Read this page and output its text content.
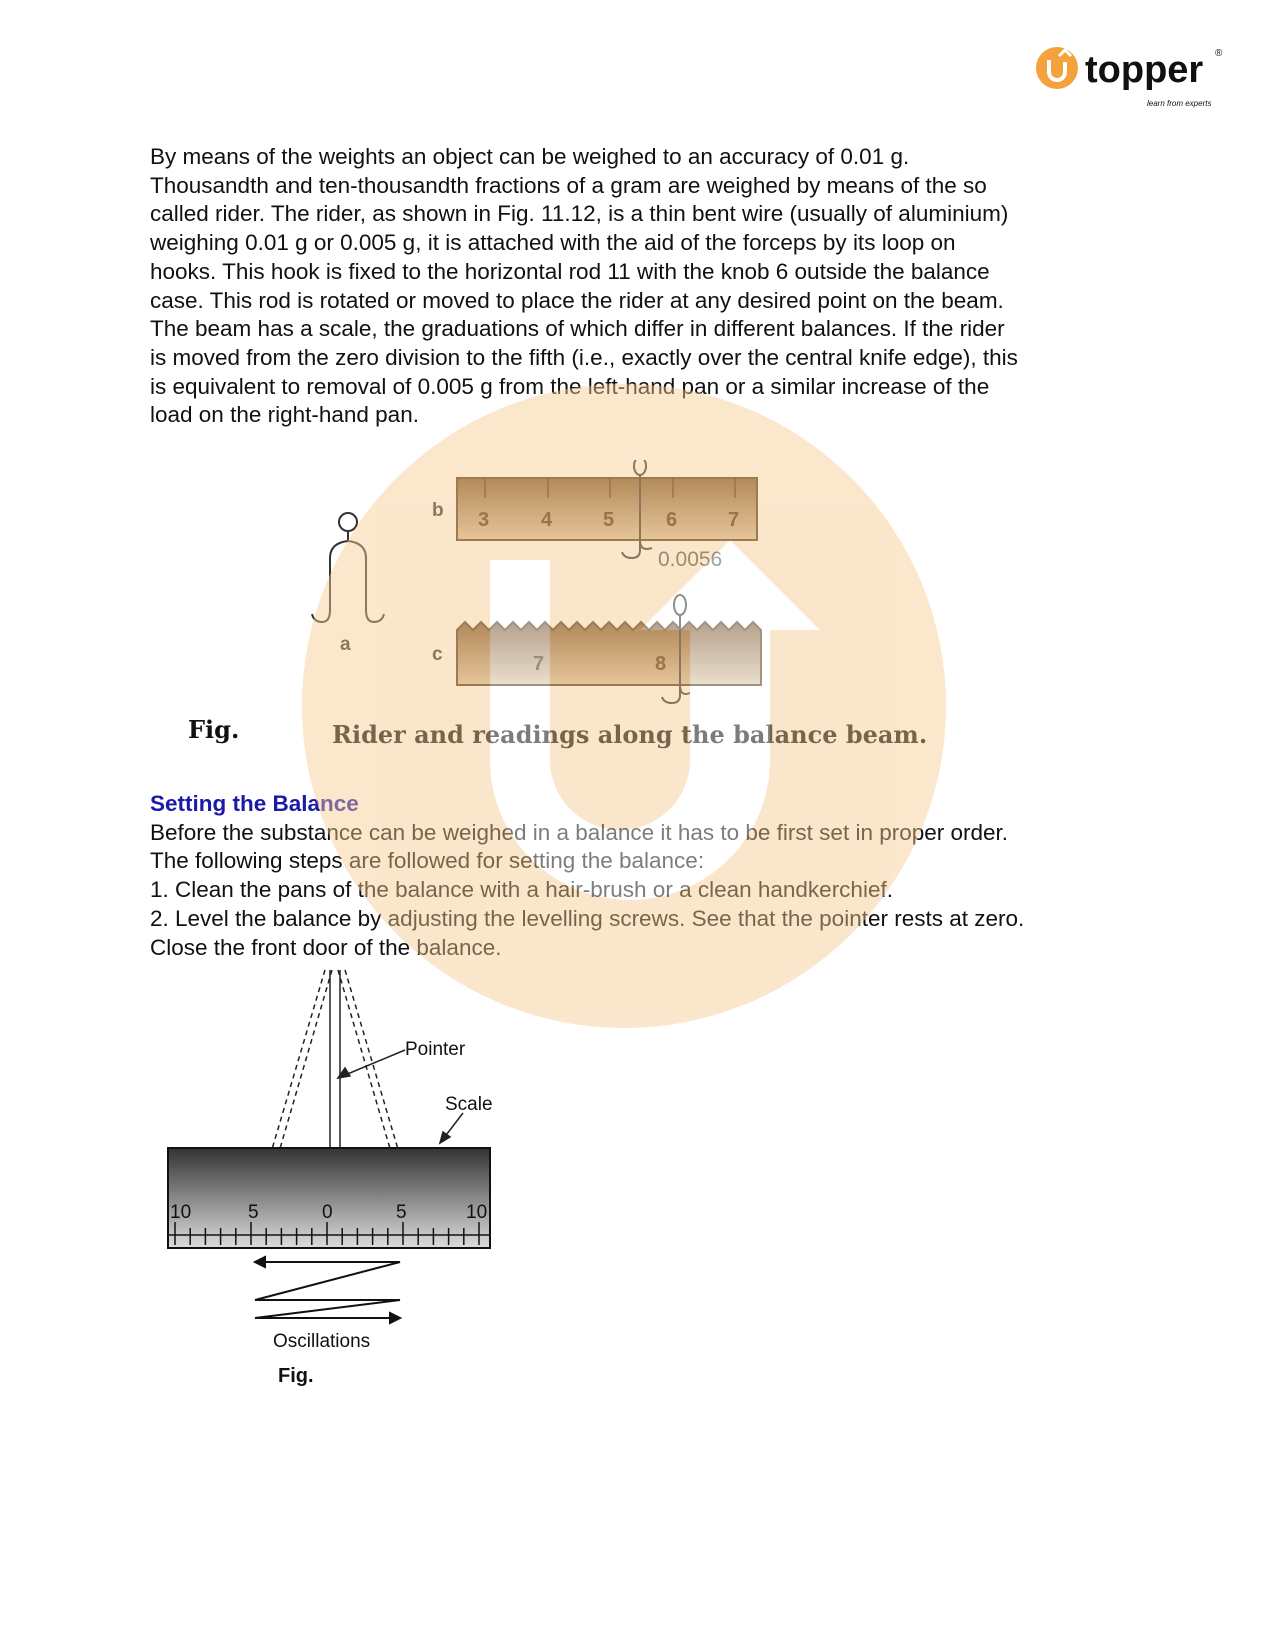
topper ®
learn from experts
By means of the weights an object can be weighed to an accuracy of 0.01 g.
Thousandth and ten-thousandth fractions of a gram are weighed by means of the so
called rider. The rider, as shown in Fig. 11.12, is a thin bent wire (usually of aluminium)
weighing 0.01 g or 0.005 g, it is attached with the aid of the forceps by its loop on
hooks. This hook is fixed to the horizontal rod 11 with the knob 6 outside the balance
case. This rod is rotated or moved to place the rider at any desired point on the beam.
The beam has a scale, the graduations of which differ in different balances. If the rider
is moved from the zero division to the fifth (i.e., exactly over the central knife edge), this
is equivalent to removal of 0.005 g from the left-hand pan or a similar increase of the
load on the right-hand pan.
a
b
c
3	4	5	6	7
0.0056
7	8
Fig.	Rider and readings along the balance beam.
Setting the Balance
Before the substance can be weighed in a balance it has to be first set in proper order.
The following steps are followed for setting the balance:
1. Clean the pans of the balance with a hair-brush or a clean handkerchief.
2. Level the balance by adjusting the levelling screws. See that the pointer rests at zero.
Close the front door of the balance.
Pointer
Scale
10	5	0	5	10
Oscillations
Fig.
